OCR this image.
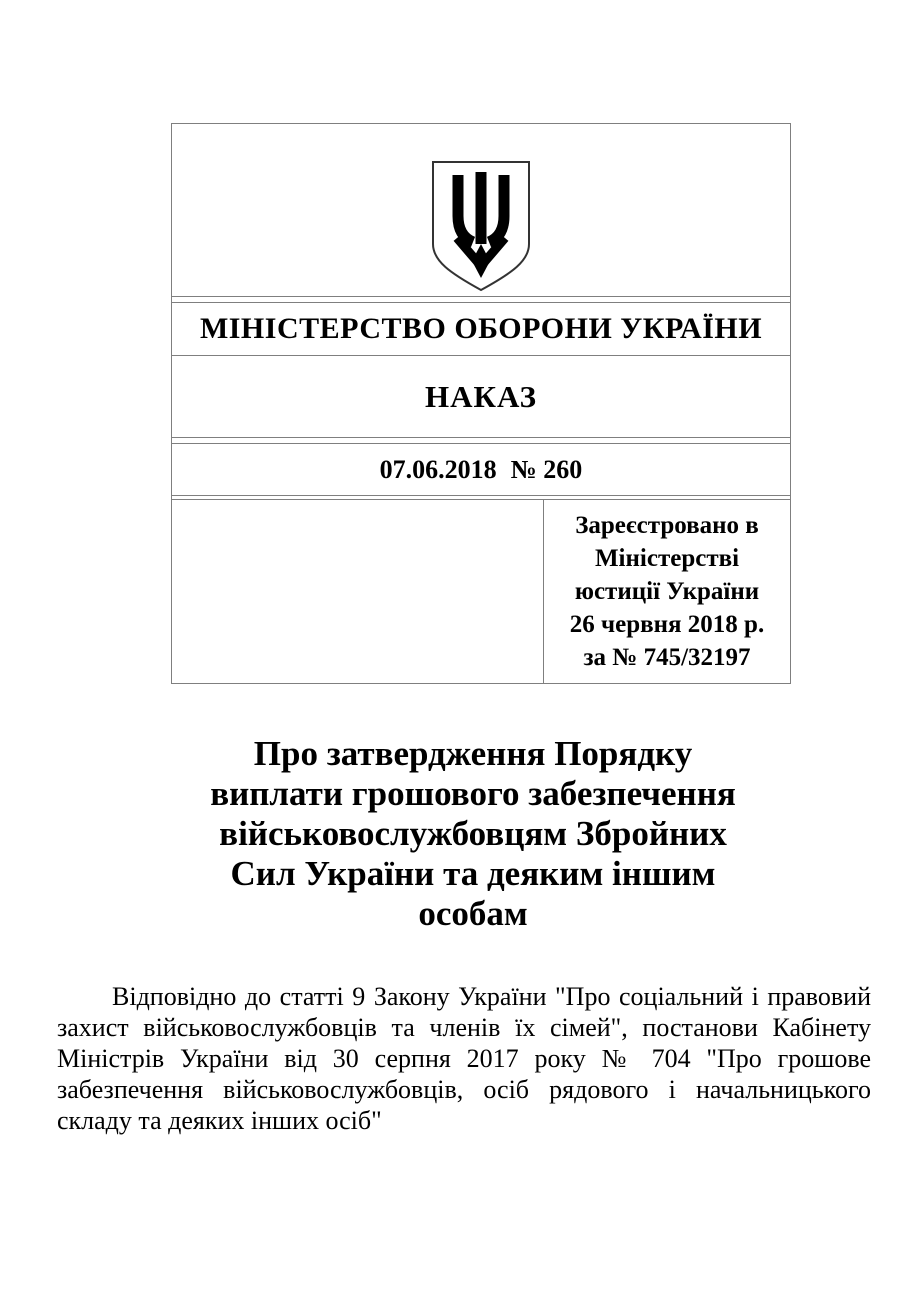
МІНІСТЕРСТВО ОБОРОНИ УКРАЇНИ
НАКАЗ

07.06.2018 № 260

Зареєстровано в
Міністерстві
юстиції України
26 червня 2018 р.
за № 745/32197
Про затвердження Порядку
виплати грошового забезпечення
військовослужбовцям Збройних
Сил України та деяким іншим
особам
Відповідно до статті 9 Закону України "Про соціальний і правовий захист військовослужбовців та членів їх сімей", постанови Кабінету Міністрів України від 30 серпня 2017 року № 704 "Про грошове забезпечення військовослужбовців, осіб рядового і начальницького складу та деяких інших осіб"
